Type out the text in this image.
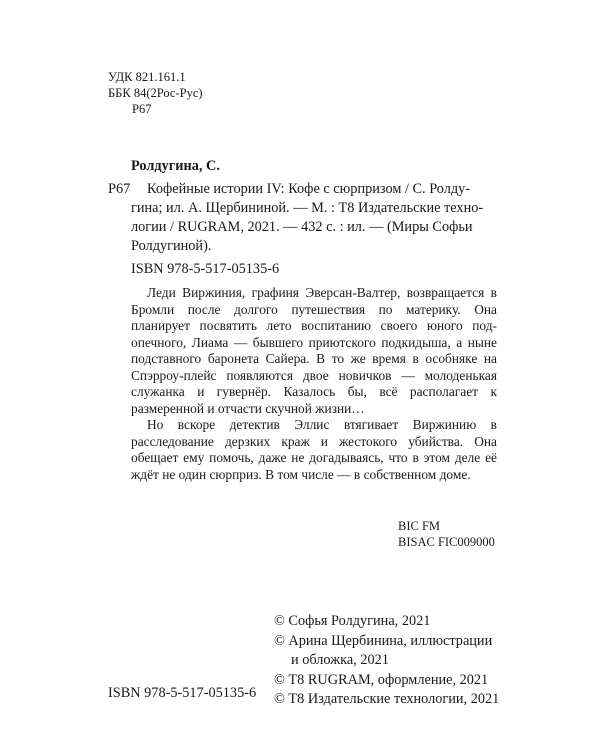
УДК 821.161.1
ББК 84(2Рос-Рус)
Р67
Ролдугина, С.
Р67 Кофейные истории IV: Кофе с сюрпризом / С. Ролду-
гина; ил. А. Щербининой. — М. : Т8 Издательские техно-
логии / RUGRAM, 2021. — 432 с. : ил. — (Миры Софьи
Ролдугиной).
ISBN 978-5-517-05135-6

Леди Виржиния, графиня Эверсан-Валтер, возвращается в Бромли после долгого путешествия по материку. Она планирует посвятить лето воспитанию своего юного под-опечного, Лиама — бывшего приютского подкидыша, а ныне подставного баронета Сайера. В то же время в особняке на Спэрроу-плейс появляются двое новичков — молоденькая служанка и гувернёр. Казалось бы, всё располагает к размеренной и отчасти скучной жизни…

Но вскоре детектив Эллис втягивает Виржинию в расследование дерзких краж и жестокого убийства. Она обещает ему помочь, даже не догадываясь, что в этом деле её ждёт не один сюрприз. В том числе — в собственном доме.

BIC FM
BISAC FIC009000
ISBN 978-5-517-05135-6
© Софья Ролдугина, 2021
© Арина Щербинина, иллюстрации
и обложка, 2021
© Т8 RUGRAM, оформление, 2021
© Т8 Издательские технологии, 2021
